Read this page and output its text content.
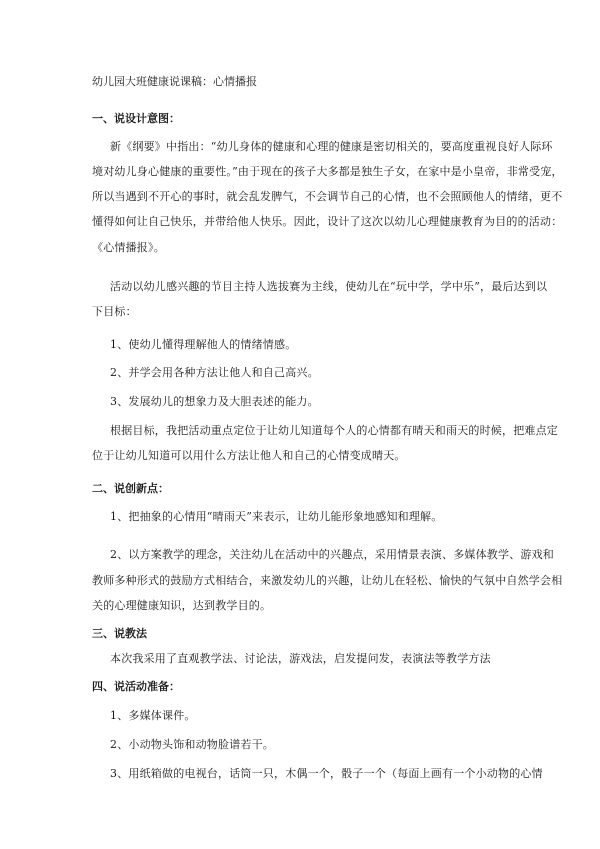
幼儿园大班健康说课稿：心情播报
一、说设计意图：
新《纲要》中指出：“幼儿身体的健康和心理的健康是密切相关的，要高度重视良好人际环
境对幼儿身心健康的重要性。”由于现在的孩子大多都是独生子女，在家中是小皇帝，非常受宠，
所以当遇到不开心的事时，就会乱发脾气，不会调节自己的心情，也不会照顾他人的情绪，更不
懂得如何让自己快乐，并带给他人快乐。因此，设计了这次以幼儿心理健康教育为目的的活动：
《心情播报》。
活动以幼儿感兴趣的节目主持人选拔赛为主线，使幼儿在“玩中学，学中乐”，最后达到以
下目标：
1、使幼儿懂得理解他人的情绪情感。
2、并学会用各种方法让他人和自己高兴。
3、发展幼儿的想象力及大胆表述的能力。
根据目标，我把活动重点定位于让幼儿知道每个人的心情都有晴天和雨天的时候，把难点定
位于让幼儿知道可以用什么方法让他人和自己的心情变成晴天。
二、说创新点：
1、把抽象的心情用“晴雨天”来表示，让幼儿能形象地感知和理解。
2、以方案教学的理念，关注幼儿在活动中的兴趣点，采用情景表演、多媒体教学、游戏和
教师多种形式的鼓励方式相结合，来激发幼儿的兴趣，让幼儿在轻松、愉快的气氛中自然学会相
关的心理健康知识，达到教学目的。
三、说教法
本次我采用了直观教学法、讨论法，游戏法，启发提问发，表演法等教学方法
四、说活动准备：
1、多媒体课件。
2、小动物头饰和动物脸谱若干。
3、用纸箱做的电视台，话筒一只，木偶一个，骰子一个（每面上画有一个小动物的心情
